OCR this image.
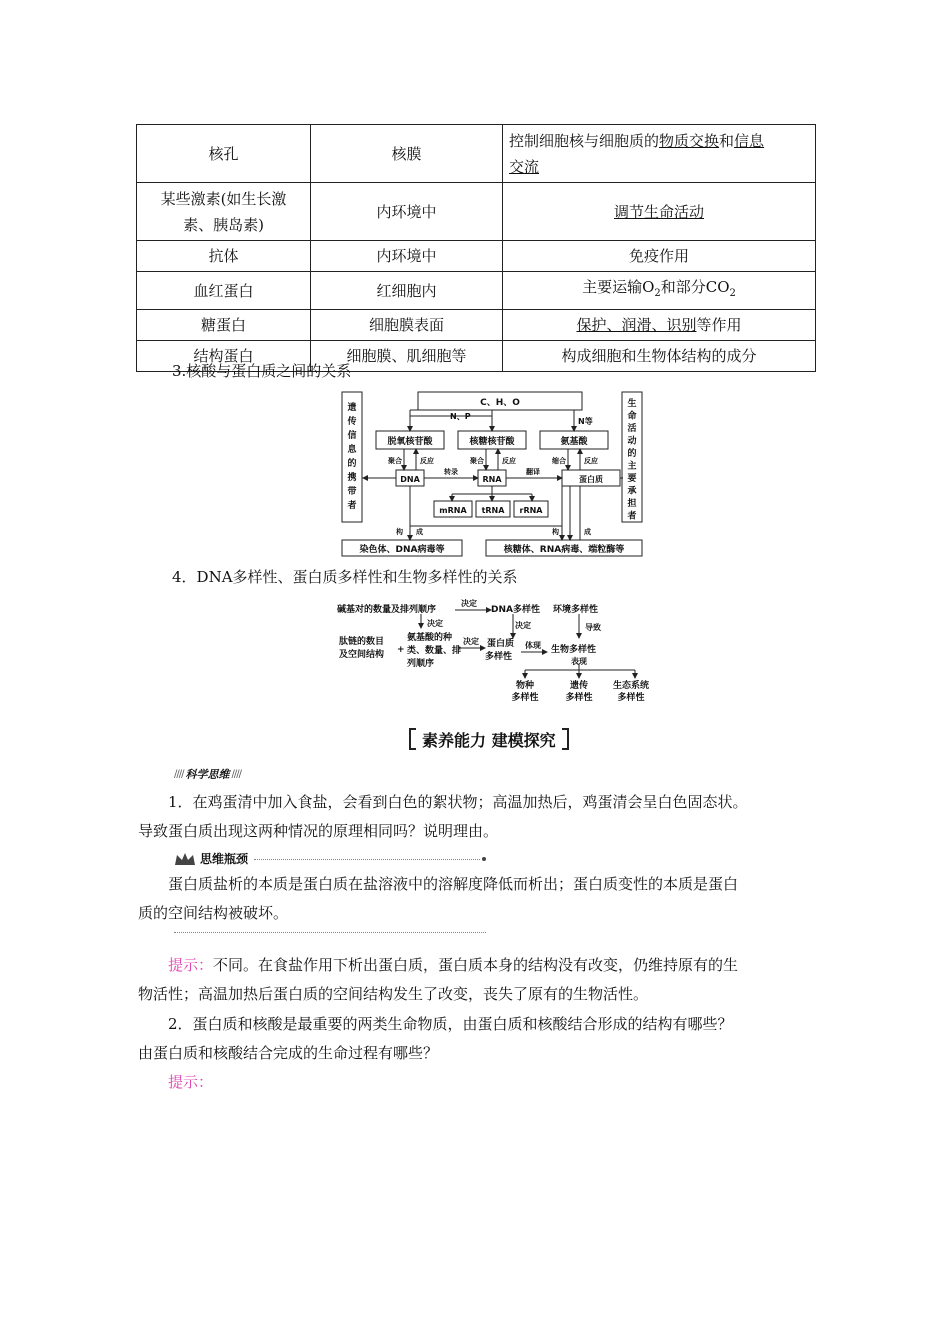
核孔	核膜	控制细胞核与细胞质的物质交换和信息
交流
某些激素(如生长激
素、胰岛素)	内环境中	调节生命活动
抗体	内环境中	免疫作用
血红蛋白	红细胞内	主要运输$O_2$和部分$CO_2$
糖蛋白	细胞膜表面	保护、润滑、识别等作用
结构蛋白	细胞膜、肌细胞等	构成细胞和生物体结构的成分
3.核酸与蛋白质之间的关系
C、H、O
N、P
N等
脱氧核苷酸	核糖核苷酸	氨基酸
聚合	反应	聚合	反应	缩合	反应
DNA	RNA	蛋白质
转录	翻译
mRNA tRNA rRNA
构 成	构	成
染色体、DNA病毒等	核糖体、RNA病毒、端粒酶等
遗
传
信
息
的
携
带
者
生
命
活
动
的
主
要
承
担
者
4．DNA多样性、蛋白质多样性和生物多样性的关系
碱基对的数量及排列顺序
决定
DNA多样性 环境多样性
决定	决定	导致
肽链的数目
及空间结构 +
氨基酸的种
类、数量、排
列顺序
决定 蛋白质
多样性
体现 生物多样性
表现
物种
多样性
遗传
多样性
生态系统
多样性
素养能力 建模探究
//// 科学思维 ////
1．在鸡蛋清中加入食盐，会看到白色的絮状物；高温加热后，鸡蛋清会呈白色固态状。
导致蛋白质出现这两种情况的原理相同吗？说明理由。
思维瓶颈
蛋白质盐析的本质是蛋白质在盐溶液中的溶解度降低而析出；蛋白质变性的本质是蛋白
质的空间结构被破坏。
提示：不同。在食盐作用下析出蛋白质，蛋白质本身的结构没有改变，仍维持原有的生
物活性；高温加热后蛋白质的空间结构发生了改变，丧失了原有的生物活性。
2．蛋白质和核酸是最重要的两类生命物质，由蛋白质和核酸结合形成的结构有哪些？
由蛋白质和核酸结合完成的生命过程有哪些？
提示：
